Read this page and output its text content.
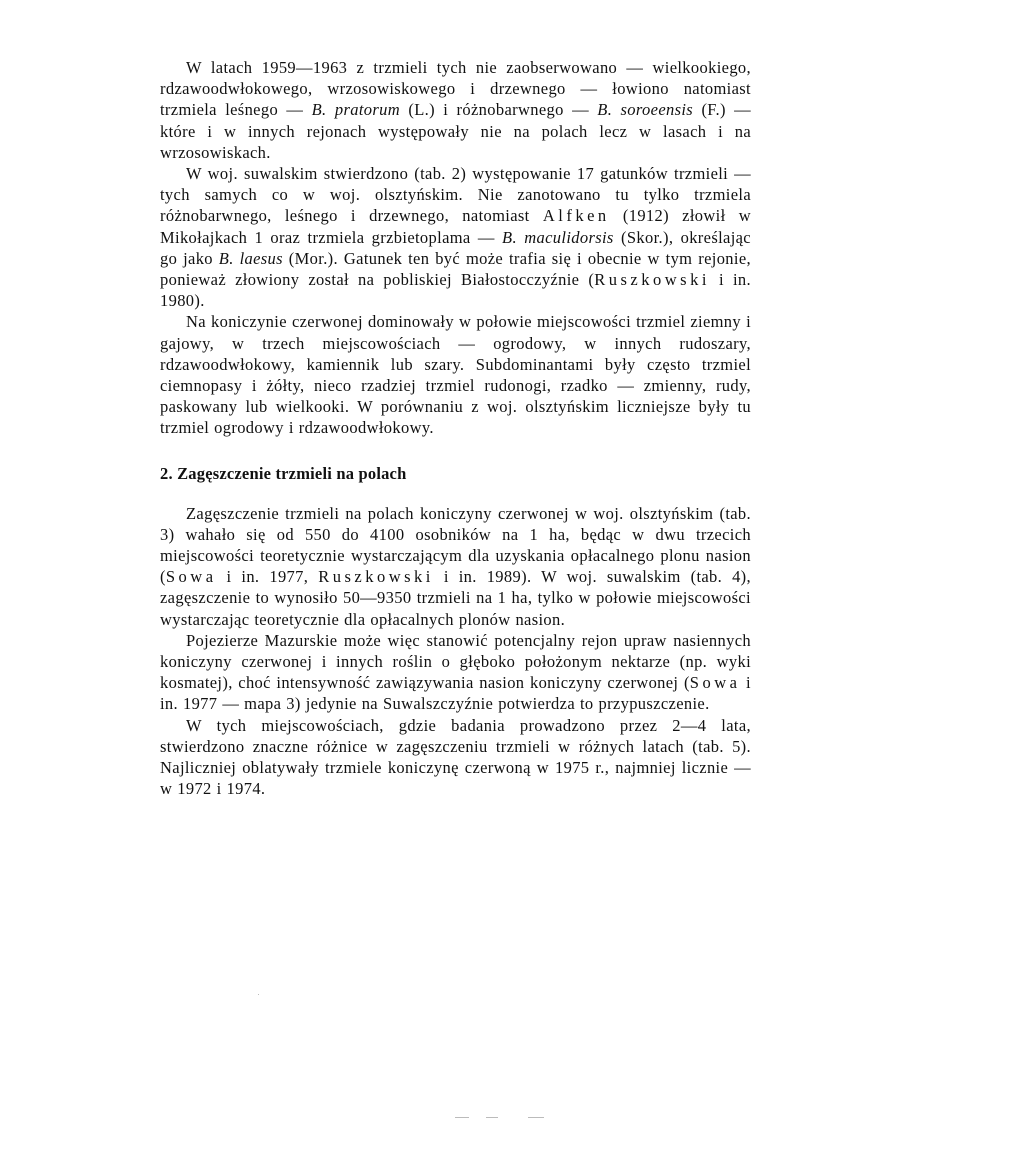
W latach 1959—1963 z trzmieli tych nie zaobserwowano — wielkookiego, rdzawoodwłokowego, wrzosowiskowego i drzewnego — łowiono natomiast trzmiela leśnego — B. pratorum (L.) i różnobarwnego — B. soroeensis (F.) — które i w innych rejonach występowały nie na polach lecz w lasach i na wrzosowiskach.

W woj. suwalskim stwierdzono (tab. 2) występowanie 17 gatunków trzmieli — tych samych co w woj. olsztyńskim. Nie zanotowano tu tylko trzmiela różnobarwnego, leśnego i drzewnego, natomiast Alfken (1912) złowił w Mikołajkach 1 oraz trzmiela grzbietoplama — B. maculidorsis (Skor.), określając go jako B. laesus (Mor.). Gatunek ten być może trafia się i obecnie w tym rejonie, ponieważ złowiony został na pobliskiej Białostocczyźnie (Ruszkowski i in. 1980).

Na koniczynie czerwonej dominowały w połowie miejscowości trzmiel ziemny i gajowy, w trzech miejscowościach — ogrodowy, w innych rudoszary, rdzawoodwłokowy, kamiennik lub szary. Subdominantami były często trzmiel ciemnopasy i żółty, nieco rzadziej trzmiel rudonogi, rzadko — zmienny, rudy, paskowany lub wielkooki. W porównaniu z woj. olsztyńskim liczniejsze były tu trzmiel ogrodowy i rdzawoodwłokowy.

2. Zagęszczenie trzmieli na polach

Zagęszczenie trzmieli na polach koniczyny czerwonej w woj. olsztyńskim (tab. 3) wahało się od 550 do 4100 osobników na 1 ha, będąc w dwu trzecich miejscowości teoretycznie wystarczającym dla uzyskania opłacalnego plonu nasion (Sowa i in. 1977, Ruszkowski i in. 1989). W woj. suwalskim (tab. 4), zagęszczenie to wynosiło 50—9350 trzmieli na 1 ha, tylko w połowie miejscowości wystarczając teoretycznie dla opłacalnych plonów nasion.

Pojezierze Mazurskie może więc stanowić potencjalny rejon upraw nasiennych koniczyny czerwonej i innych roślin o głęboko położonym nektarze (np. wyki kosmatej), choć intensywność zawiązywania nasion koniczyny czerwonej (Sowa i in. 1977 — mapa 3) jedynie na Suwalszczyźnie potwierdza to przypuszczenie.

W tych miejscowościach, gdzie badania prowadzono przez 2—4 lata, stwierdzono znaczne różnice w zagęszczeniu trzmieli w różnych latach (tab. 5). Najliczniej oblatywały trzmiele koniczynę czerwoną w 1975 r., najmniej licznie — w 1972 i 1974.
